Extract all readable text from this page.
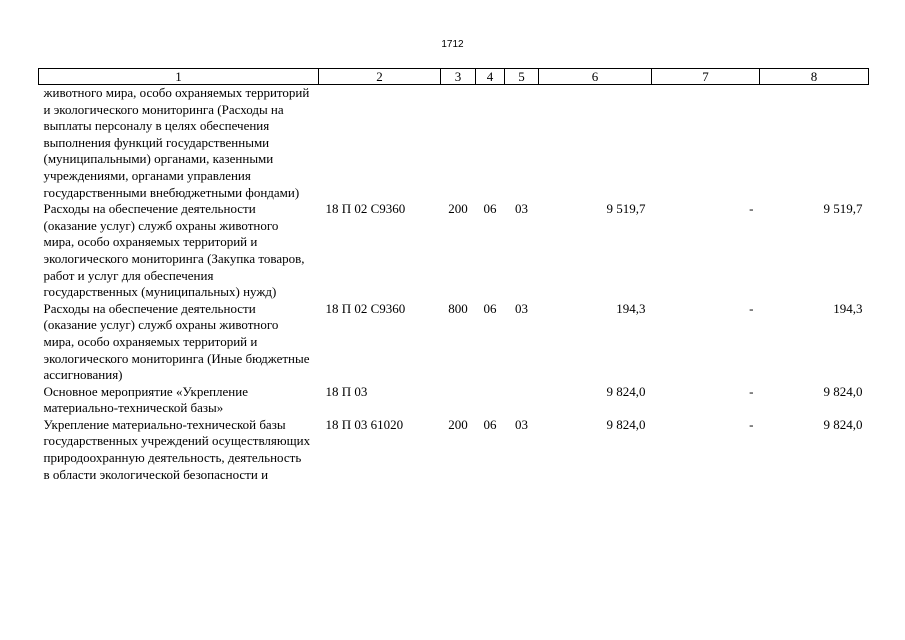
1712
1	2	3	4	5	6	7	8
животного мира, особо охраняемых территорий и экологического мониторинга (Расходы на выплаты персоналу в целях обеспечения выполнения функций государственными (муниципальными) органами, казенными учреждениями, органами управления государственными внебюджетными фондами)							
Расходы на обеспечение деятельности (оказание услуг) служб охраны животного мира, особо охраняемых территорий и экологического мониторинга (Закупка товаров, работ и услуг для обеспечения государственных (муниципальных) нужд)	18 П 02 С9360	200	06	03	9 519,7	-	9 519,7
Расходы на обеспечение деятельности (оказание услуг) служб охраны животного мира, особо охраняемых территорий и экологического мониторинга (Иные бюджетные ассигнования)	18 П 02 С9360	800	06	03	194,3	-	194,3
Основное мероприятие «Укрепление материально-технической базы»	18 П 03				9 824,0	-	9 824,0
Укрепление материально-технической базы государственных учреждений осуществляющих природоохранную деятельность, деятельность в области экологической безопасности и	18 П 03 61020	200	06	03	9 824,0	-	9 824,0
